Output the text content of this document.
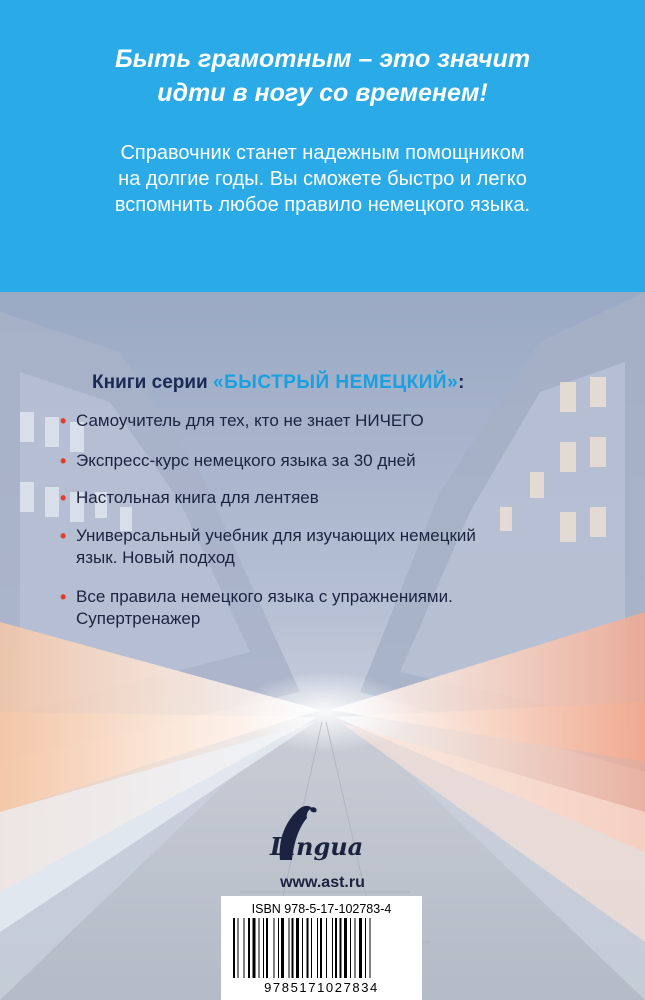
Быть грамотным – это значит
идти в ногу со временем!
Справочник станет надежным помощником
на долгие годы. Вы сможете быстро и легко
вспомнить любое правило немецкого языка.
Книги серии «БЫСТРЫЙ НЕМЕЦКИЙ»:
• Самоучитель для тех, кто не знает НИЧЕГО
• Экспресс-курс немецкого языка за 30 дней
• Настольная книга для лентяев
• Универсальный учебник для изучающих немецкий
язык. Новый подход
• Все правила немецкого языка с упражнениями.
Супертренажер
Lingua
www.ast.ru
ISBN 978-5-17-102783-4
9785171027834
